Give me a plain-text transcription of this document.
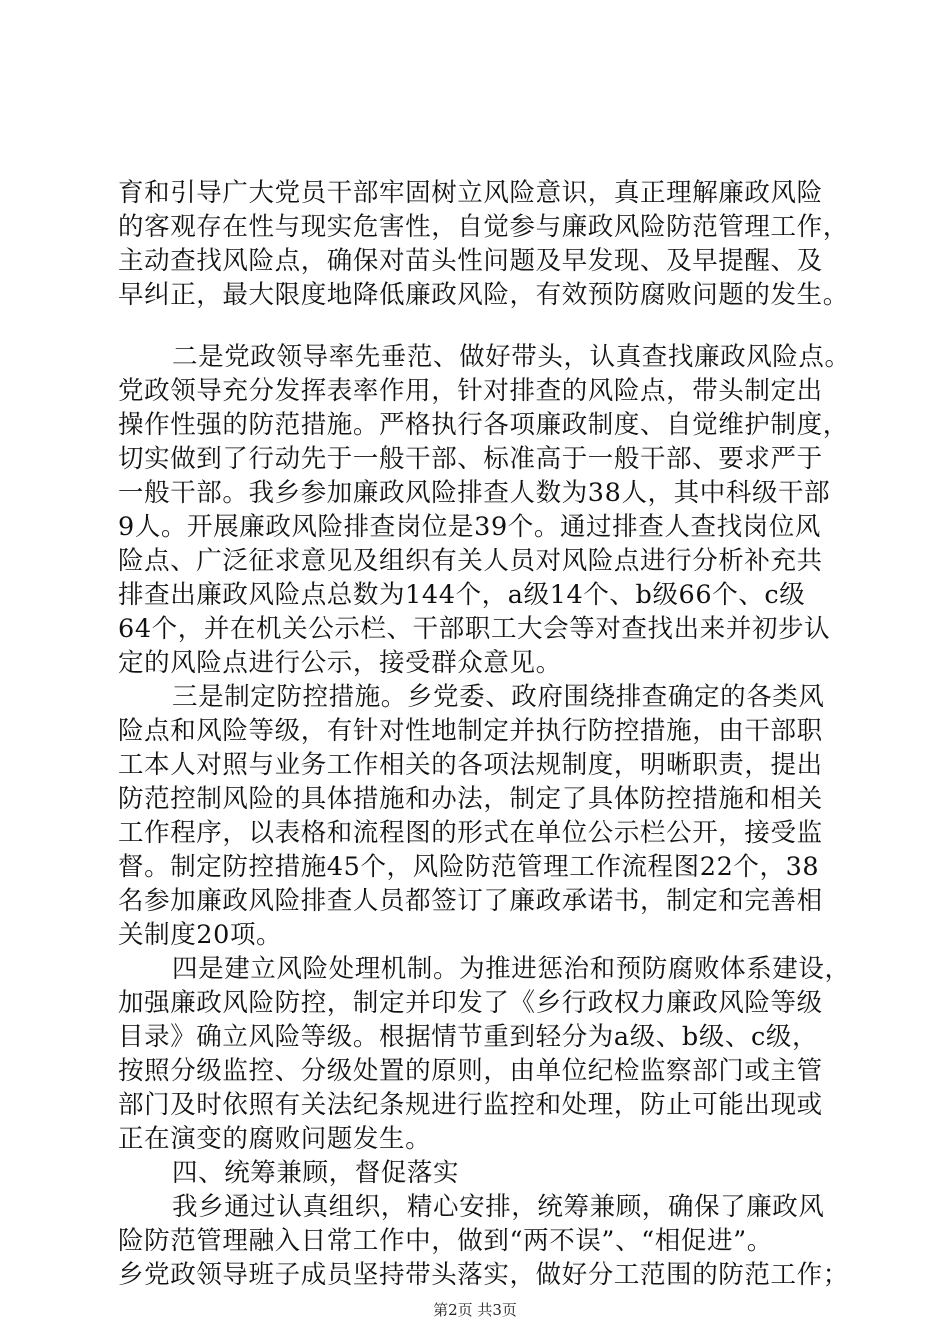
育和引导广大党员干部牢固树立风险意识，真正理解廉政风险
的客观存在性与现实危害性，自觉参与廉政风险防范管理工作，
主动查找风险点，确保对苗头性问题及早发现、及早提醒、及
早纠正，最大限度地降低廉政风险，有效预防腐败问题的发生。
二是党政领导率先垂范、做好带头，认真查找廉政风险点。
党政领导充分发挥表率作用，针对排查的风险点，带头制定出
操作性强的防范措施。严格执行各项廉政制度、自觉维护制度，
切实做到了行动先于一般干部、标准高于一般干部、要求严于
一般干部。我乡参加廉政风险排查人数为38人，其中科级干部
9人。开展廉政风险排查岗位是39个。通过排查人查找岗位风
险点、广泛征求意见及组织有关人员对风险点进行分析补充共
排查出廉政风险点总数为144个，a级14个、b级66个、c级
64个，并在机关公示栏、干部职工大会等对查找出来并初步认
定的风险点进行公示，接受群众意见。
三是制定防控措施。乡党委、政府围绕排查确定的各类风
险点和风险等级，有针对性地制定并执行防控措施，由干部职
工本人对照与业务工作相关的各项法规制度，明晰职责，提出
防范控制风险的具体措施和办法，制定了具体防控措施和相关
工作程序，以表格和流程图的形式在单位公示栏公开，接受监
督。制定防控措施45个，风险防范管理工作流程图22个，38
名参加廉政风险排查人员都签订了廉政承诺书，制定和完善相
关制度20项。
四是建立风险处理机制。为推进惩治和预防腐败体系建设，
加强廉政风险防控，制定并印发了《乡行政权力廉政风险等级
目录》确立风险等级。根据情节重到轻分为a级、b级、c级，
按照分级监控、分级处置的原则，由单位纪检监察部门或主管
部门及时依照有关法纪条规进行监控和处理，防止可能出现或
正在演变的腐败问题发生。
四、统筹兼顾，督促落实
我乡通过认真组织，精心安排，统筹兼顾，确保了廉政风
险防范管理融入日常工作中，做到“两不误”、“相促进”。
乡党政领导班子成员坚持带头落实，做好分工范围的防范工作；
第2页 共3页
